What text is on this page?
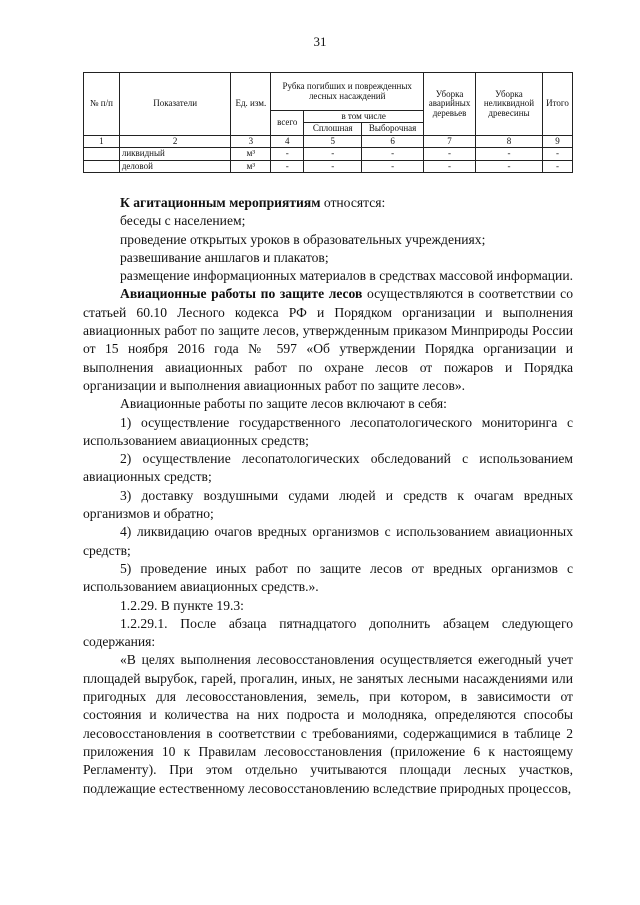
31
№ п/п	Показатели	Ед. изм.	Рубка погибших и поврежденных лесных насаждений			Уборка аварийных деревьев	Уборка неликвидной древесины	Итого
			всего	в том числе				
				Сплошная	Выборочная			
1	2	3	4	5	6	7	8	9
	ликвидный	м³	-	-	-	-	-	-
	деловой	м³	-	-	-	-	-	-

К агитационным мероприятиям относятся:

беседы с населением;

проведение открытых уроков в образовательных учреждениях;

развешивание аншлагов и плакатов;

размещение информационных материалов в средствах массовой информации.

Авиационные работы по защите лесов осуществляются в соответствии со статьей 60.10 Лесного кодекса РФ и Порядком организации и выполнения авиационных работ по защите лесов, утвержденным приказом Минприроды России от 15 ноября 2016 года № 597 «Об утверждении Порядка организации и выполнения авиационных работ по охране лесов от пожаров и Порядка организации и выполнения авиационных работ по защите лесов».

Авиационные работы по защите лесов включают в себя:

1) осуществление государственного лесопатологического мониторинга с использованием авиационных средств;

2) осуществление лесопатологических обследований с использованием авиационных средств;

3) доставку воздушными судами людей и средств к очагам вредных организмов и обратно;

4) ликвидацию очагов вредных организмов с использованием авиационных средств;

5) проведение иных работ по защите лесов от вредных организмов с использованием авиационных средств.».

1.2.29. В пункте 19.3:

1.2.29.1. После абзаца пятнадцатого дополнить абзацем следующего содержания:

«В целях выполнения лесовосстановления осуществляется ежегодный учет площадей вырубок, гарей, прогалин, иных, не занятых лесными насаждениями или пригодных для лесовосстановления, земель, при котором, в зависимости от состояния и количества на них подроста и молодняка, определяются способы лесовосстановления в соответствии с требованиями, содержащимися в таблице 2 приложения 10 к Правилам лесовосстановления (приложение 6 к настоящему Регламенту). При этом отдельно учитываются площади лесных участков, подлежащие естественному лесовосстановлению вследствие природных процессов,
